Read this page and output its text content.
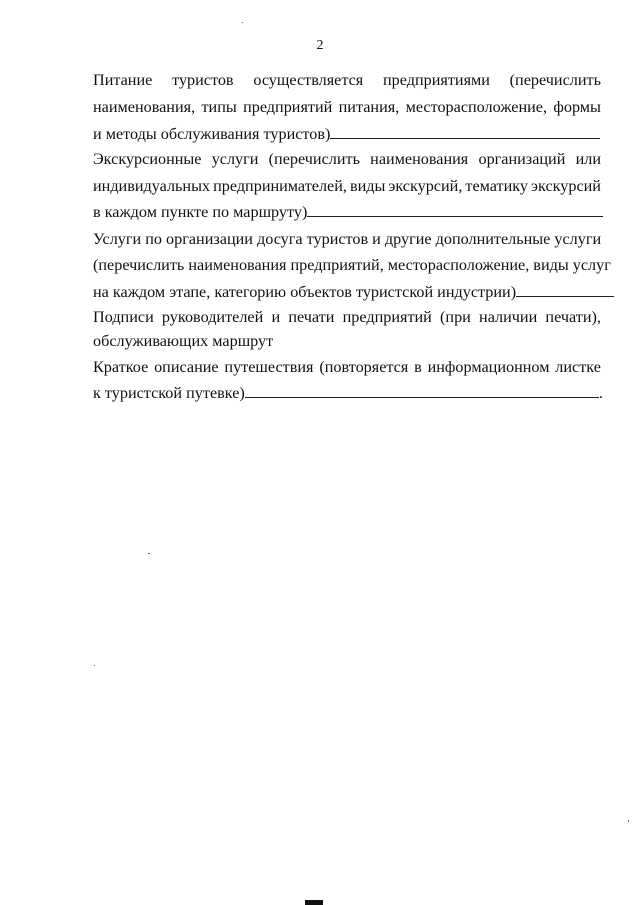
2
Питание туристов осуществляется предприятиями (перечислить
наименования, типы предприятий питания, месторасположение, формы
и методы обслуживания туристов)
Экскурсионные услуги (перечислить наименования организаций или
индивидуальных предпринимателей, виды экскурсий, тематику экскурсий
в каждом пункте по маршруту)
Услуги по организации досуга туристов и другие дополнительные услуги
(перечислить наименования предприятий, месторасположение, виды услуг
на каждом этапе, категорию объектов туристской индустрии)
Подписи руководителей и печати предприятий (при наличии печати),
обслуживающих маршрут
Краткое описание путешествия (повторяется в информационном листке
к туристской путевке)	.
